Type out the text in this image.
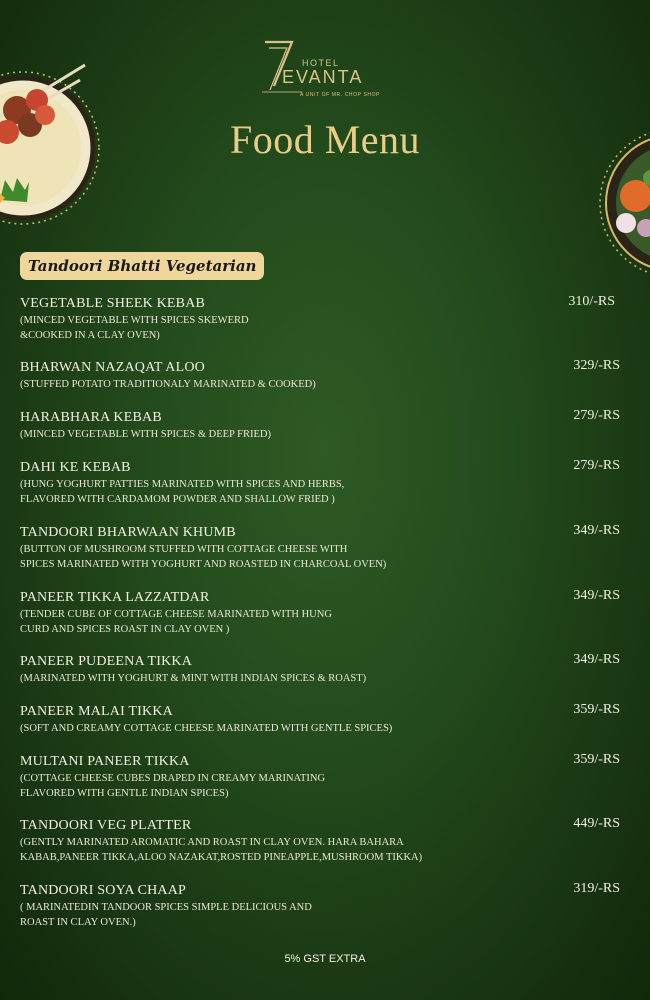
HOTEL
EVANTA
A UNIT OF MR. CHOP SHOP
Food Menu
Tandoori Bhatti Vegetarian
VEGETABLE SHEEK KEBAB
(MINCED VEGETABLE WITH SPICES SKEWERD
&COOKED IN A CLAY OVEN)
310/-RS
BHARWAN NAZAQAT ALOO
(STUFFED POTATO TRADITIONALY MARINATED & COOKED)
329/-RS
HARABHARA KEBAB
(MINCED VEGETABLE WITH SPICES & DEEP FRIED)
279/-RS
DAHI KE KEBAB
(HUNG YOGHURT PATTIES MARINATED WITH SPICES AND HERBS,
FLAVORED WITH CARDAMOM POWDER AND SHALLOW FRIED )
279/-RS
TANDOORI BHARWAAN KHUMB
(BUTTON OF MUSHROOM STUFFED WITH COTTAGE CHEESE WITH
SPICES MARINATED WITH YOGHURT AND ROASTED IN CHARCOAL OVEN)
349/-RS
PANEER TIKKA LAZZATDAR
(TENDER CUBE OF COTTAGE CHEESE MARINATED WITH HUNG
CURD AND SPICES ROAST IN CLAY OVEN )
349/-RS
PANEER PUDEENA TIKKA
(MARINATED WITH YOGHURT & MINT WITH INDIAN SPICES & ROAST)
349/-RS
PANEER MALAI TIKKA
(SOFT AND CREAMY COTTAGE CHEESE MARINATED WITH GENTLE SPICES)
359/-RS
MULTANI PANEER TIKKA
(COTTAGE CHEESE CUBES DRAPED IN CREAMY MARINATING
FLAVORED WITH GENTLE INDIAN SPICES)
359/-RS
TANDOORI VEG PLATTER
(GENTLY MARINATED AROMATIC AND ROAST IN CLAY OVEN. HARA BAHARA
KABAB,PANEER TIKKA,ALOO NAZAKAT,ROSTED PINEAPPLE,MUSHROOM TIKKA)
449/-RS
TANDOORI SOYA CHAAP
( MARINATEDIN TANDOOR SPICES SIMPLE DELICIOUS AND
ROAST IN CLAY OVEN.)
319/-RS
5% GST EXTRA
